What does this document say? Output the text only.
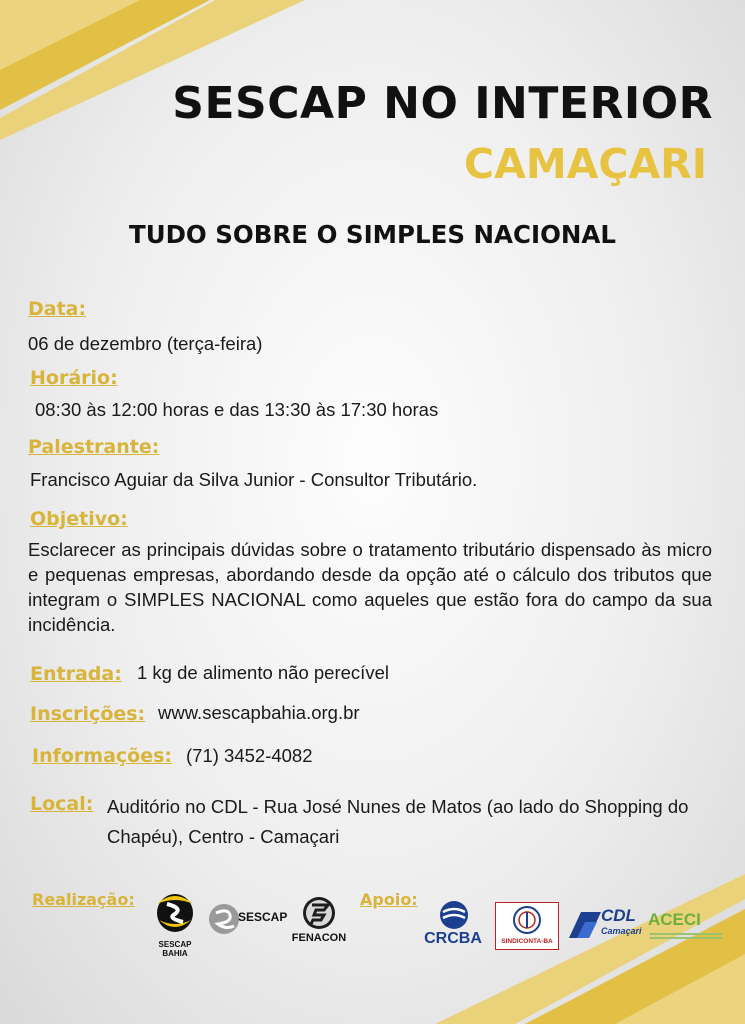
SESCAP NO INTERIOR
CAMAÇARI
TUDO SOBRE O SIMPLES NACIONAL
Data:
06 de dezembro (terça-feira)
Horário:
08:30 às 12:00 horas e das 13:30 às 17:30 horas
Palestrante:
Francisco Aguiar da Silva Junior - Consultor Tributário.
Objetivo:
Esclarecer as principais dúvidas sobre o tratamento tributário dispensado às micro e pequenas empresas, abordando desde da opção até o cálculo dos tributos que integram o SIMPLES NACIONAL como aqueles que estão fora do campo da sua incidência.
Entrada: 1 kg de alimento não perecível
Inscrições: www.sescapbahia.org.br
Informações: (71) 3452-4082
Local: Auditório no CDL - Rua José Nunes de Matos (ao lado do Shopping do Chapéu), Centro - Camaçari
Realização:	Apoio:
SESCAP BAHIA
SESCAP
FENACON	CRCBA	SINDICONTA-BA
CDL
Camaçari
ACECI
